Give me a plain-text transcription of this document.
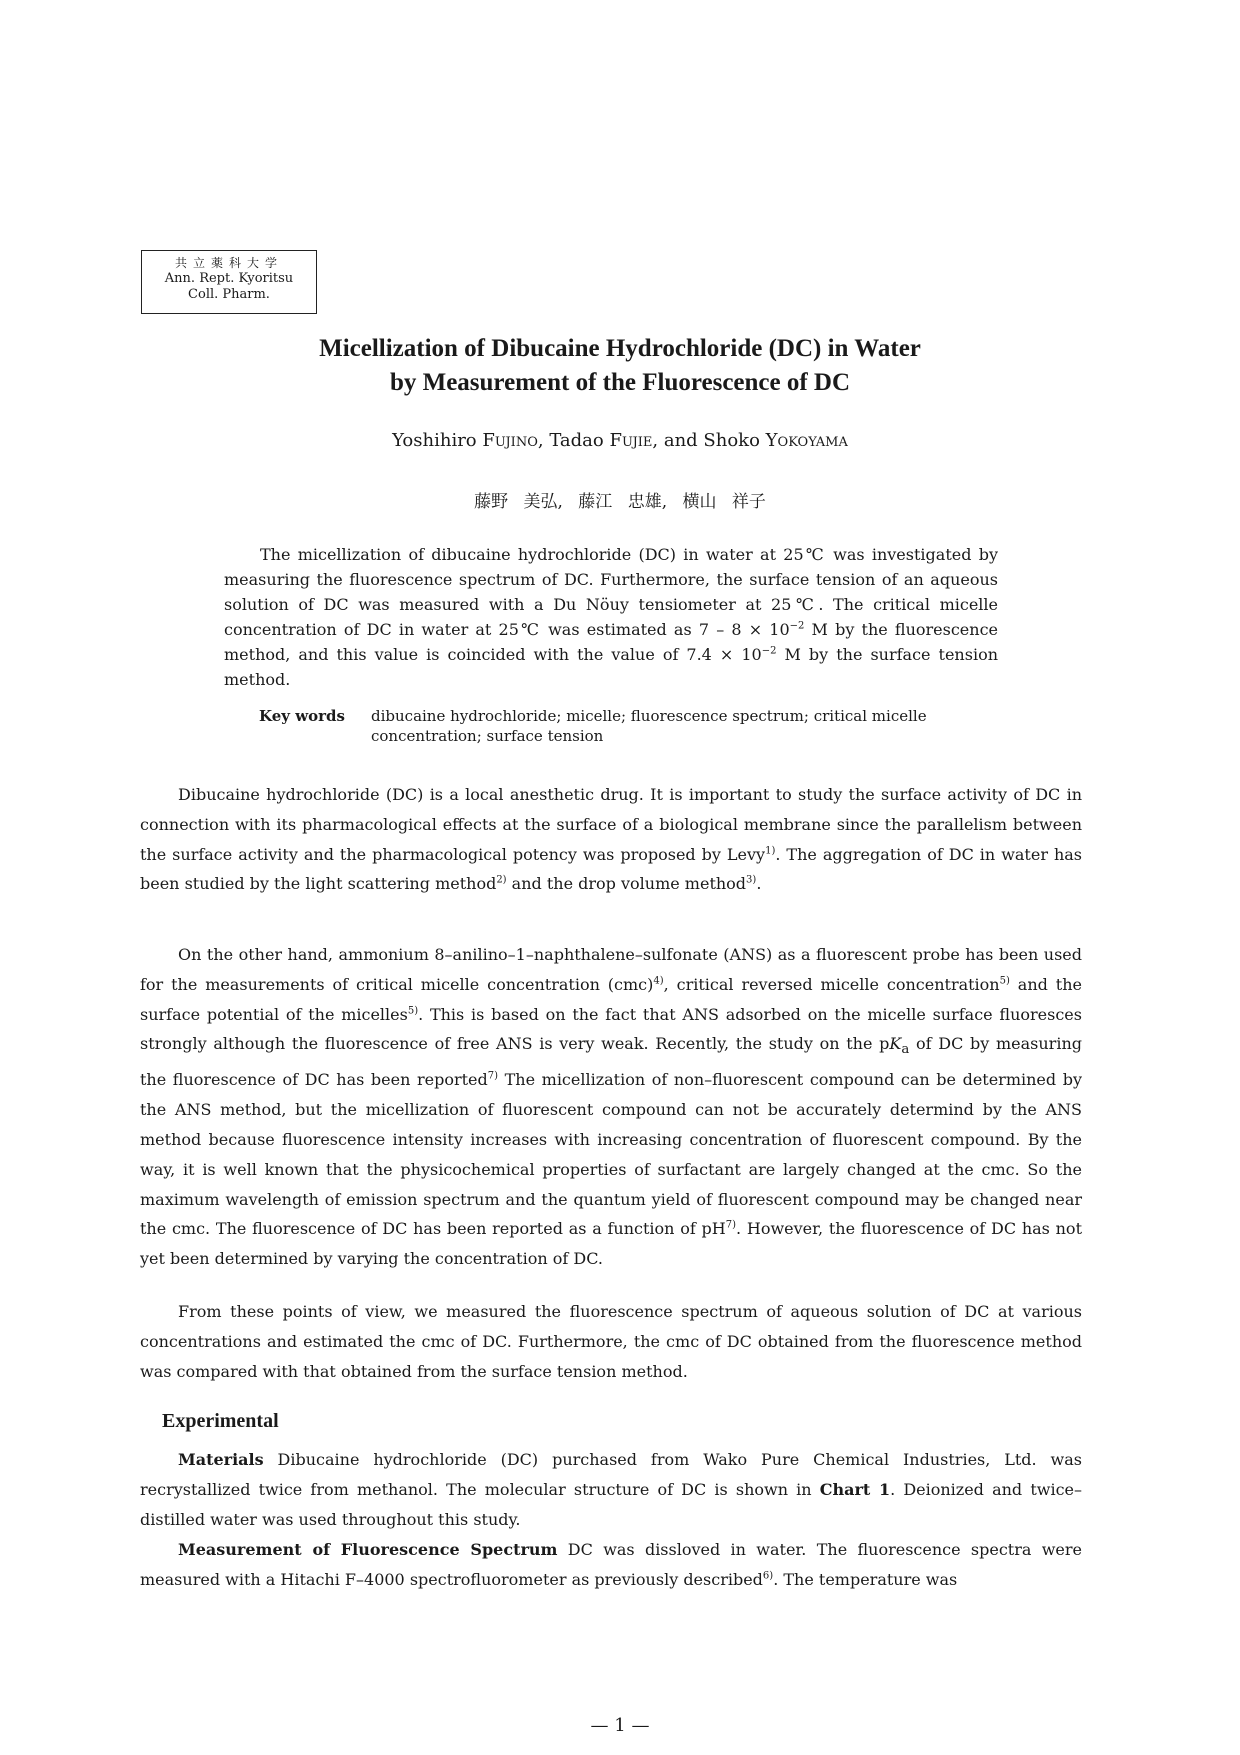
共立薬科大学
Ann. Rept. Kyoritsu
Coll. Pharm.
Micellization of Dibucaine Hydrochloride (DC) in Water
by Measurement of the Fluorescence of DC
Yoshihiro Fujino, Tadao Fujie, and Shoko Yokoyama
藤野 美弘, 藤江 忠雄, 横山 祥子

The micellization of dibucaine hydrochloride (DC) in water at 25℃ was investigated by measuring the fluorescence spectrum of DC. Furthermore, the surface tension of an aqueous solution of DC was measured with a Du Nöuy tensiometer at 25℃. The critical micelle concentration of DC in water at 25℃ was estimated as $7 - 8 \times 10^{-2}$ M by the fluorescence method, and this value is coincided with the value of $7.4 \times 10^{-2}$ M by the surface tension method.

Key words	dibucaine hydrochloride; micelle; fluorescence spectrum; critical micelle concentration; surface tension

Dibucaine hydrochloride (DC) is a local anesthetic drug. It is important to study the surface activity of DC in connection with its pharmacological effects at the surface of a biological membrane since the parallelism between the surface activity and the pharmacological potency was proposed by Levy$^{1)}$. The aggregation of DC in water has been studied by the light scattering method$^{2)}$ and the drop volume method$^{3)}$.

On the other hand, ammonium 8–anilino–1–naphthalene–sulfonate (ANS) as a fluorescent probe has been used for the measurements of critical micelle concentration (cmc)$^{4)}$, critical reversed micelle concentration$^{5)}$ and the surface potential of the micelles$^{5)}$. This is based on the fact that ANS adsorbed on the micelle surface fluoresces strongly although the fluorescence of free ANS is very weak. Recently, the study on the $pK_a$ of DC by measuring the fluorescence of DC has been reported$^{7)}$ The micellization of non–fluorescent compound can be determined by the ANS method, but the micellization of fluorescent compound can not be accurately determind by the ANS method because fluorescence intensity increases with increasing concentration of fluorescent compound. By the way, it is well known that the physicochemical properties of surfactant are largely changed at the cmc. So the maximum wavelength of emission spectrum and the quantum yield of fluorescent compound may be changed near the cmc. The fluorescence of DC has been reported as a function of $pH^{7)}$. However, the fluorescence of DC has not yet been determined by varying the concentration of DC.

From these points of view, we measured the fluorescence spectrum of aqueous solution of DC at various concentrations and estimated the cmc of DC. Furthermore, the cmc of DC obtained from the fluorescence method was compared with that obtained from the surface tension method.

Experimental

Materials Dibucaine hydrochloride (DC) purchased from Wako Pure Chemical Industries, Ltd. was recrystallized twice from methanol. The molecular structure of DC is shown in Chart 1. Deionized and twice–distilled water was used throughout this study.

Measurement of Fluorescence Spectrum DC was dissloved in water. The fluorescence spectra were measured with a Hitachi F–4000 spectrofluorometer as previously described$^{6)}$. The temperature was

— 1 —
